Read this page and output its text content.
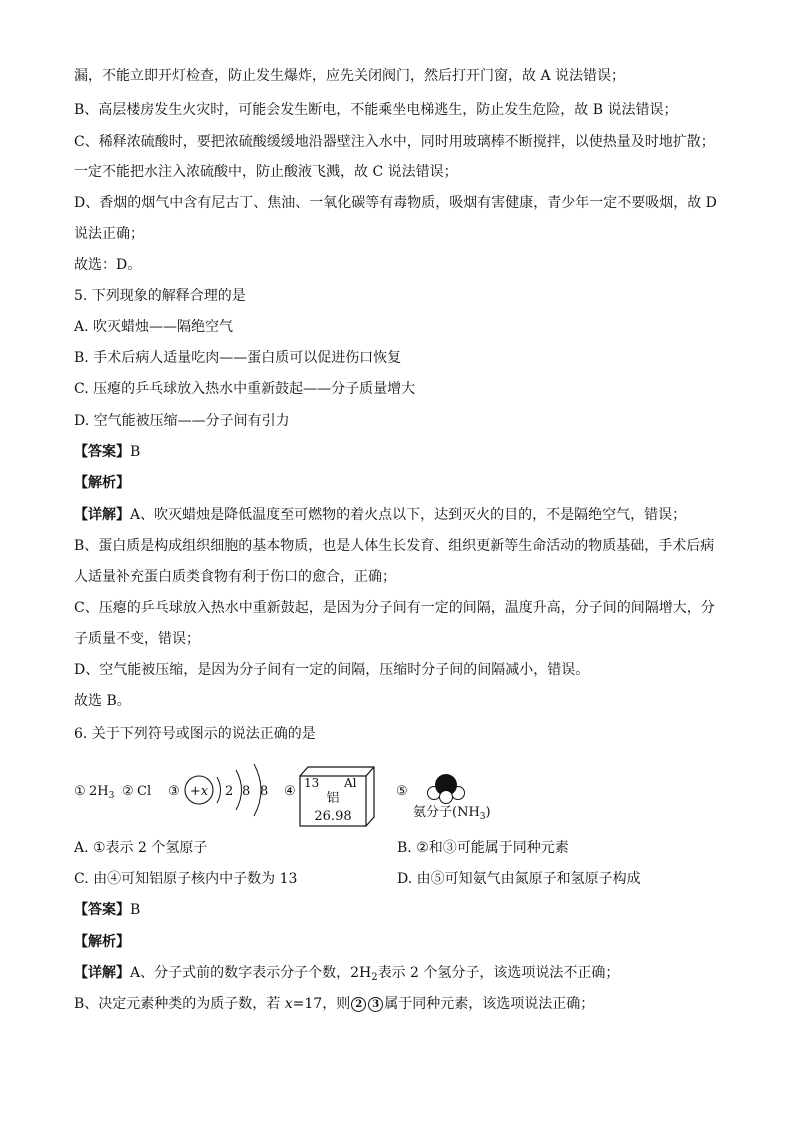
漏，不能立即开灯检查，防止发生爆炸，应先关闭阀门，然后打开门窗，故 A 说法错误；
B、高层楼房发生火灾时，可能会发生断电，不能乘坐电梯逃生，防止发生危险，故 B 说法错误；
C、稀释浓硫酸时，要把浓硫酸缓缓地沿器壁注入水中，同时用玻璃棒不断搅拌，以使热量及时地扩散；
一定不能把水注入浓硫酸中，防止酸液飞溅，故 C 说法错误；
D、香烟的烟气中含有尼古丁、焦油、一氧化碳等有毒物质，吸烟有害健康，青少年一定不要吸烟，故 D
说法正确；
故选：D。
5. 下列现象的解释合理的是
A. 吹灭蜡烛——隔绝空气
B. 手术后病人适量吃肉——蛋白质可以促进伤口恢复
C. 压瘪的乒乓球放入热水中重新鼓起——分子质量增大
D. 空气能被压缩——分子间有引力
【答案】B
【解析】
【详解】A、吹灭蜡烛是降低温度至可燃物的着火点以下，达到灭火的目的，不是隔绝空气，错误；
B、蛋白质是构成组织细胞的基本物质，也是人体生长发育、组织更新等生命活动的物质基础，手术后病
人适量补充蛋白质类食物有利于伤口的愈合，正确；
C、压瘪的乒乓球放入热水中重新鼓起，是因为分子间有一定的间隔，温度升高，分子间的间隔增大，分
子质量不变，错误；
D、空气能被压缩，是因为分子间有一定的间隔，压缩时分子间的间隔减小，错误。
故选 B。
6. 关于下列符号或图示的说法正确的是
① $2H_3$ ② Cl ③ +x 2 8 8 ④
13 Al
铝
26.98
⑤
氨分子$(NH_3)$
A. ①表示 2 个氢原子	B. ②和③可能属于同种元素
C. 由④可知铝原子核内中子数为 13	D. 由⑤可知氨气由氮原子和氢原子构成
【答案】B
【解析】
【详解】A、分子式前的数字表示分子个数，$2H_2$表示 2 个氢分子，该选项说法不正确；
B、决定元素种类的为质子数，若 x=17，则 2 3 属于同种元素，该选项说法正确；
